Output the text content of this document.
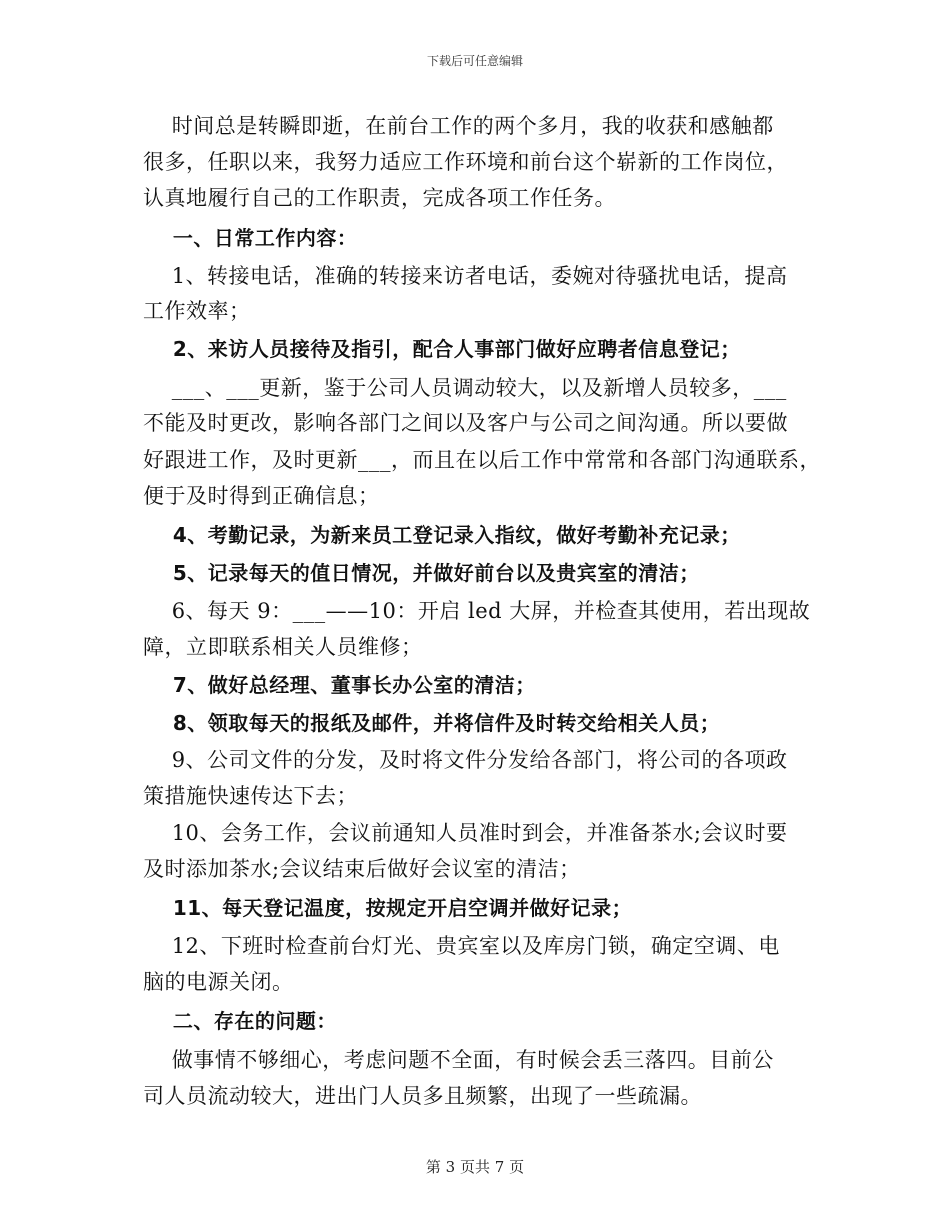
下载后可任意编辑
时间总是转瞬即逝，在前台工作的两个多月，我的收获和感触都
很多，任职以来，我努力适应工作环境和前台这个崭新的工作岗位，
认真地履行自己的工作职责，完成各项工作任务。
一、日常工作内容：
1、转接电话，准确的转接来访者电话，委婉对待骚扰电话，提高
工作效率；
2、来访人员接待及指引，配合人事部门做好应聘者信息登记；
___、___更新，鉴于公司人员调动较大，以及新增人员较多，___
不能及时更改，影响各部门之间以及客户与公司之间沟通。所以要做
好跟进工作，及时更新___，而且在以后工作中常常和各部门沟通联系，
便于及时得到正确信息；
4、考勤记录，为新来员工登记录入指纹，做好考勤补充记录；
5、记录每天的值日情况，并做好前台以及贵宾室的清洁；
6、每天 9：___——10：开启 led 大屏，并检查其使用，若出现故
障，立即联系相关人员维修；
7、做好总经理、董事长办公室的清洁；
8、领取每天的报纸及邮件，并将信件及时转交给相关人员；
9、公司文件的分发，及时将文件分发给各部门，将公司的各项政
策措施快速传达下去；
10、会务工作，会议前通知人员准时到会，并准备茶水;会议时要
及时添加茶水;会议结束后做好会议室的清洁；
11、每天登记温度，按规定开启空调并做好记录；
12、下班时检查前台灯光、贵宾室以及库房门锁，确定空调、电
脑的电源关闭。
二、存在的问题：
做事情不够细心，考虑问题不全面，有时候会丢三落四。目前公
司人员流动较大，进出门人员多且频繁，出现了一些疏漏。
第 3 页共 7 页
